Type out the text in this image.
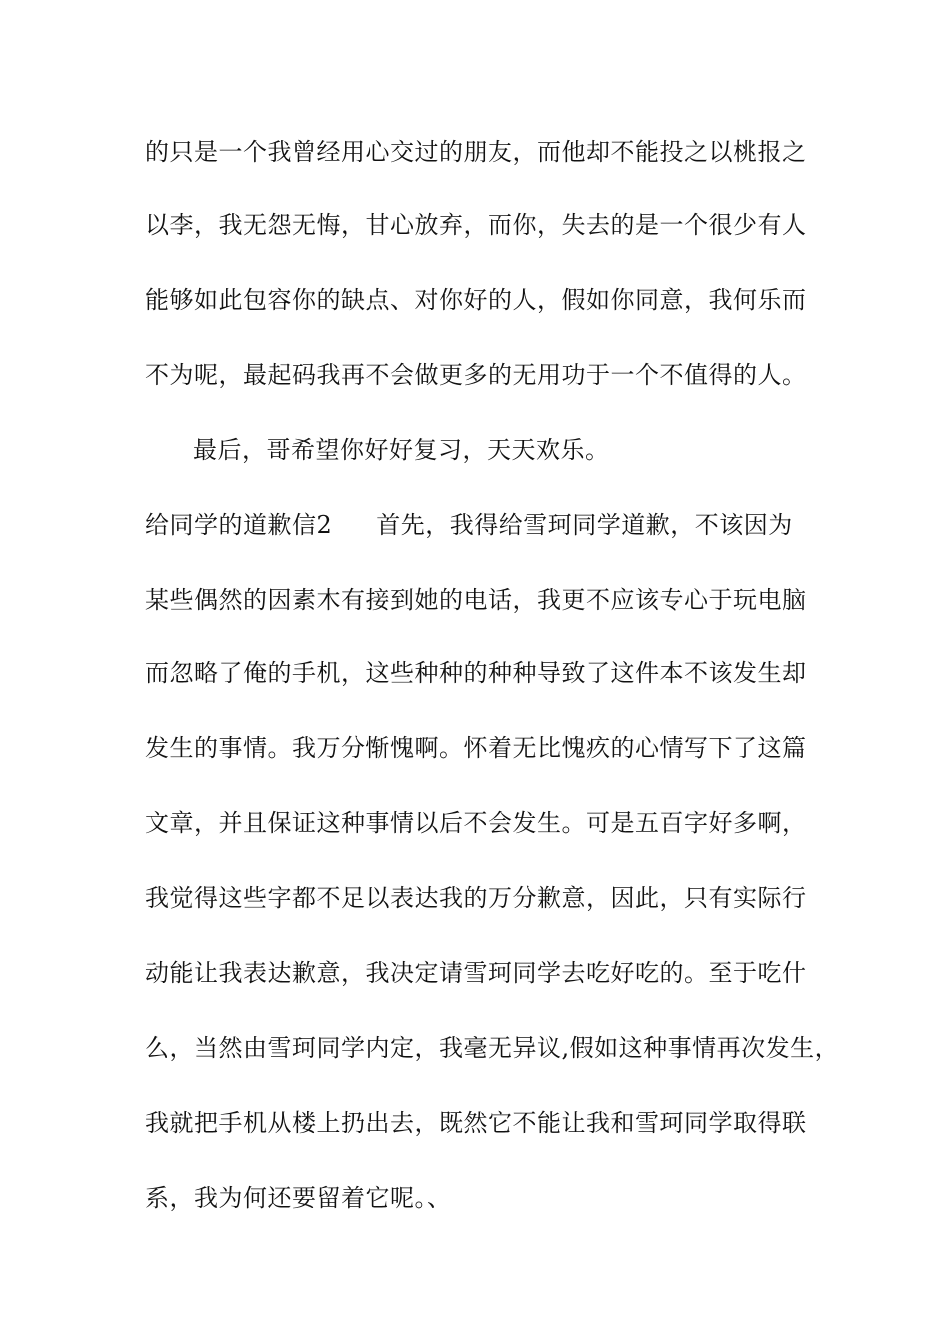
的只是一个我曾经用心交过的朋友，而他却不能投之以桃报之
以李，我无怨无悔，甘心放弃，而你，失去的是一个很少有人
能够如此包容你的缺点、对你好的人，假如你同意，我何乐而
不为呢，最起码我再不会做更多的无用功于一个不值得的人。
最后，哥希望你好好复习，天天欢乐。
给同学的道歉信2 首先，我得给雪珂同学道歉，不该因为
某些偶然的因素木有接到她的电话，我更不应该专心于玩电脑
而忽略了俺的手机，这些种种的种种导致了这件本不该发生却
发生的事情。我万分惭愧啊。怀着无比愧疚的心情写下了这篇
文章，并且保证这种事情以后不会发生。可是五百字好多啊，
我觉得这些字都不足以表达我的万分歉意，因此，只有实际行
动能让我表达歉意，我决定请雪珂同学去吃好吃的。至于吃什
么，当然由雪珂同学内定，我毫无异议,假如这种事情再次发生，
我就把手机从楼上扔出去，既然它不能让我和雪珂同学取得联
系，我为何还要留着它呢。、
